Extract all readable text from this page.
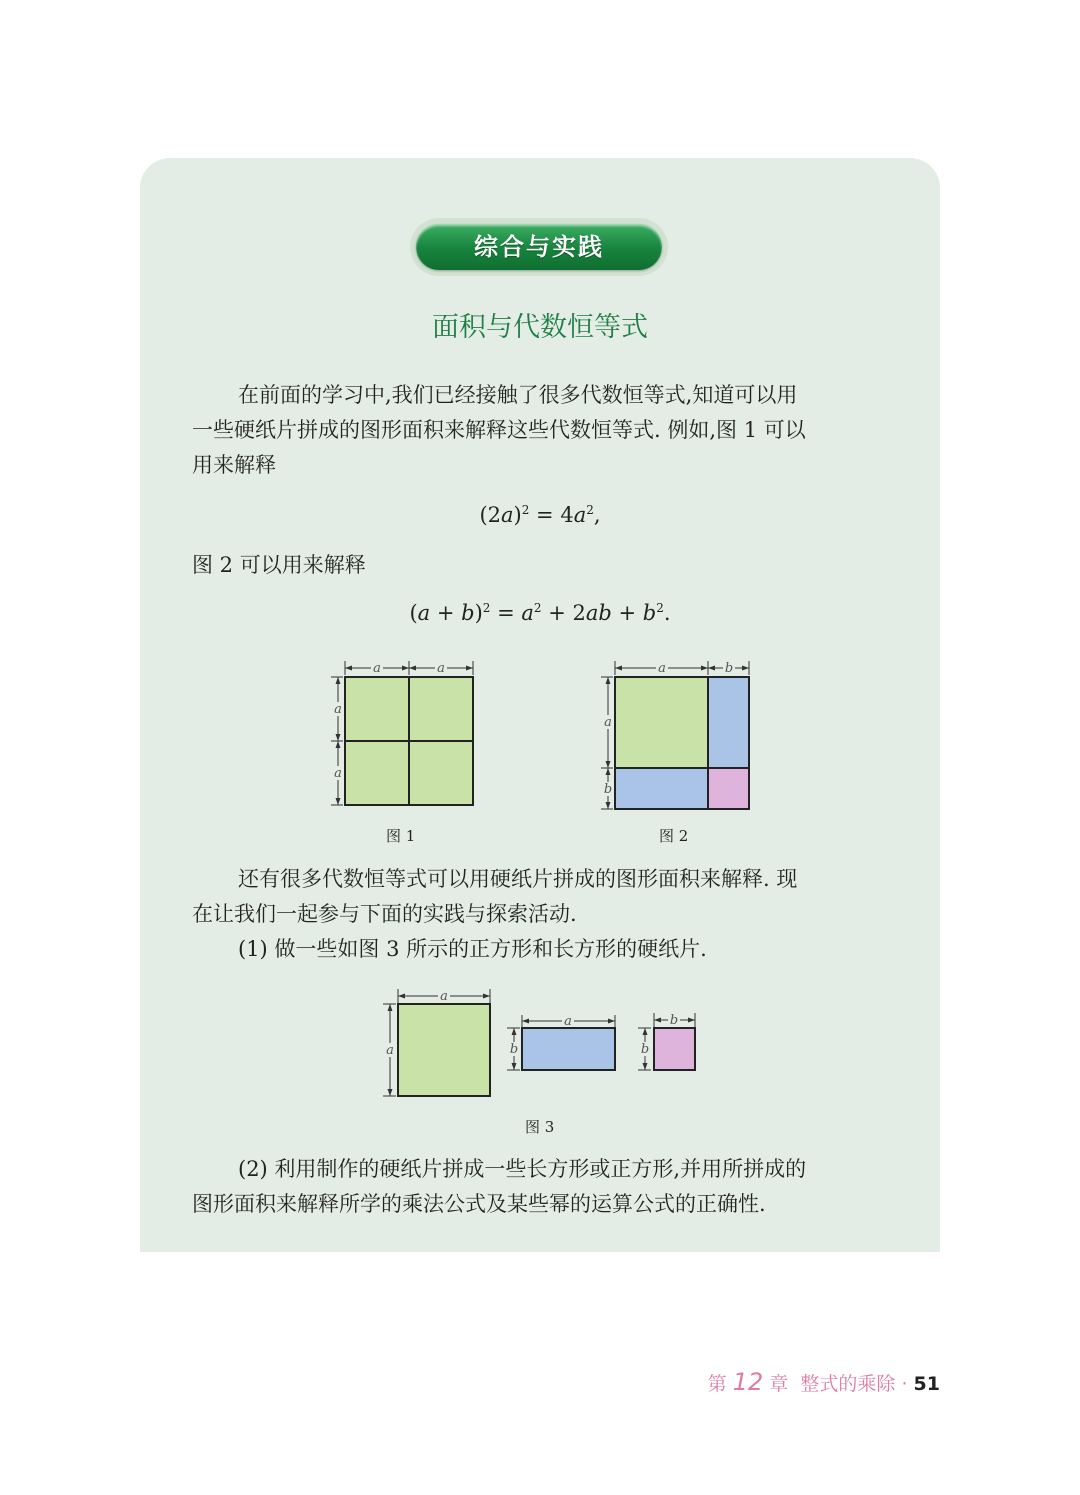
综合与实践
面积与代数恒等式

在前面的学习中,我们已经接触了很多代数恒等式,知道可以用

一些硬纸片拼成的图形面积来解释这些代数恒等式. 例如,图 1 可以

用来解释

$(2a)^2 = 4a^2$,

图 2 可以用来解释

$(a + b)^2 = a^2 + 2ab + b^2$.
a	a
a
a
图 1
a	b
a
b
图 2

还有很多代数恒等式可以用硬纸片拼成的图形面积来解释. 现

在让我们一起参与下面的实践与探索活动.

(1) 做一些如图 3 所示的正方形和长方形的硬纸片.

a
a
a
b
b
b
图 3

(2) 利用制作的硬纸片拼成一些长方形或正方形,并用所拼成的

图形面积来解释所学的乘法公式及某些幂的运算公式的正确性.

第 12 章 整式的乘除 · 51
